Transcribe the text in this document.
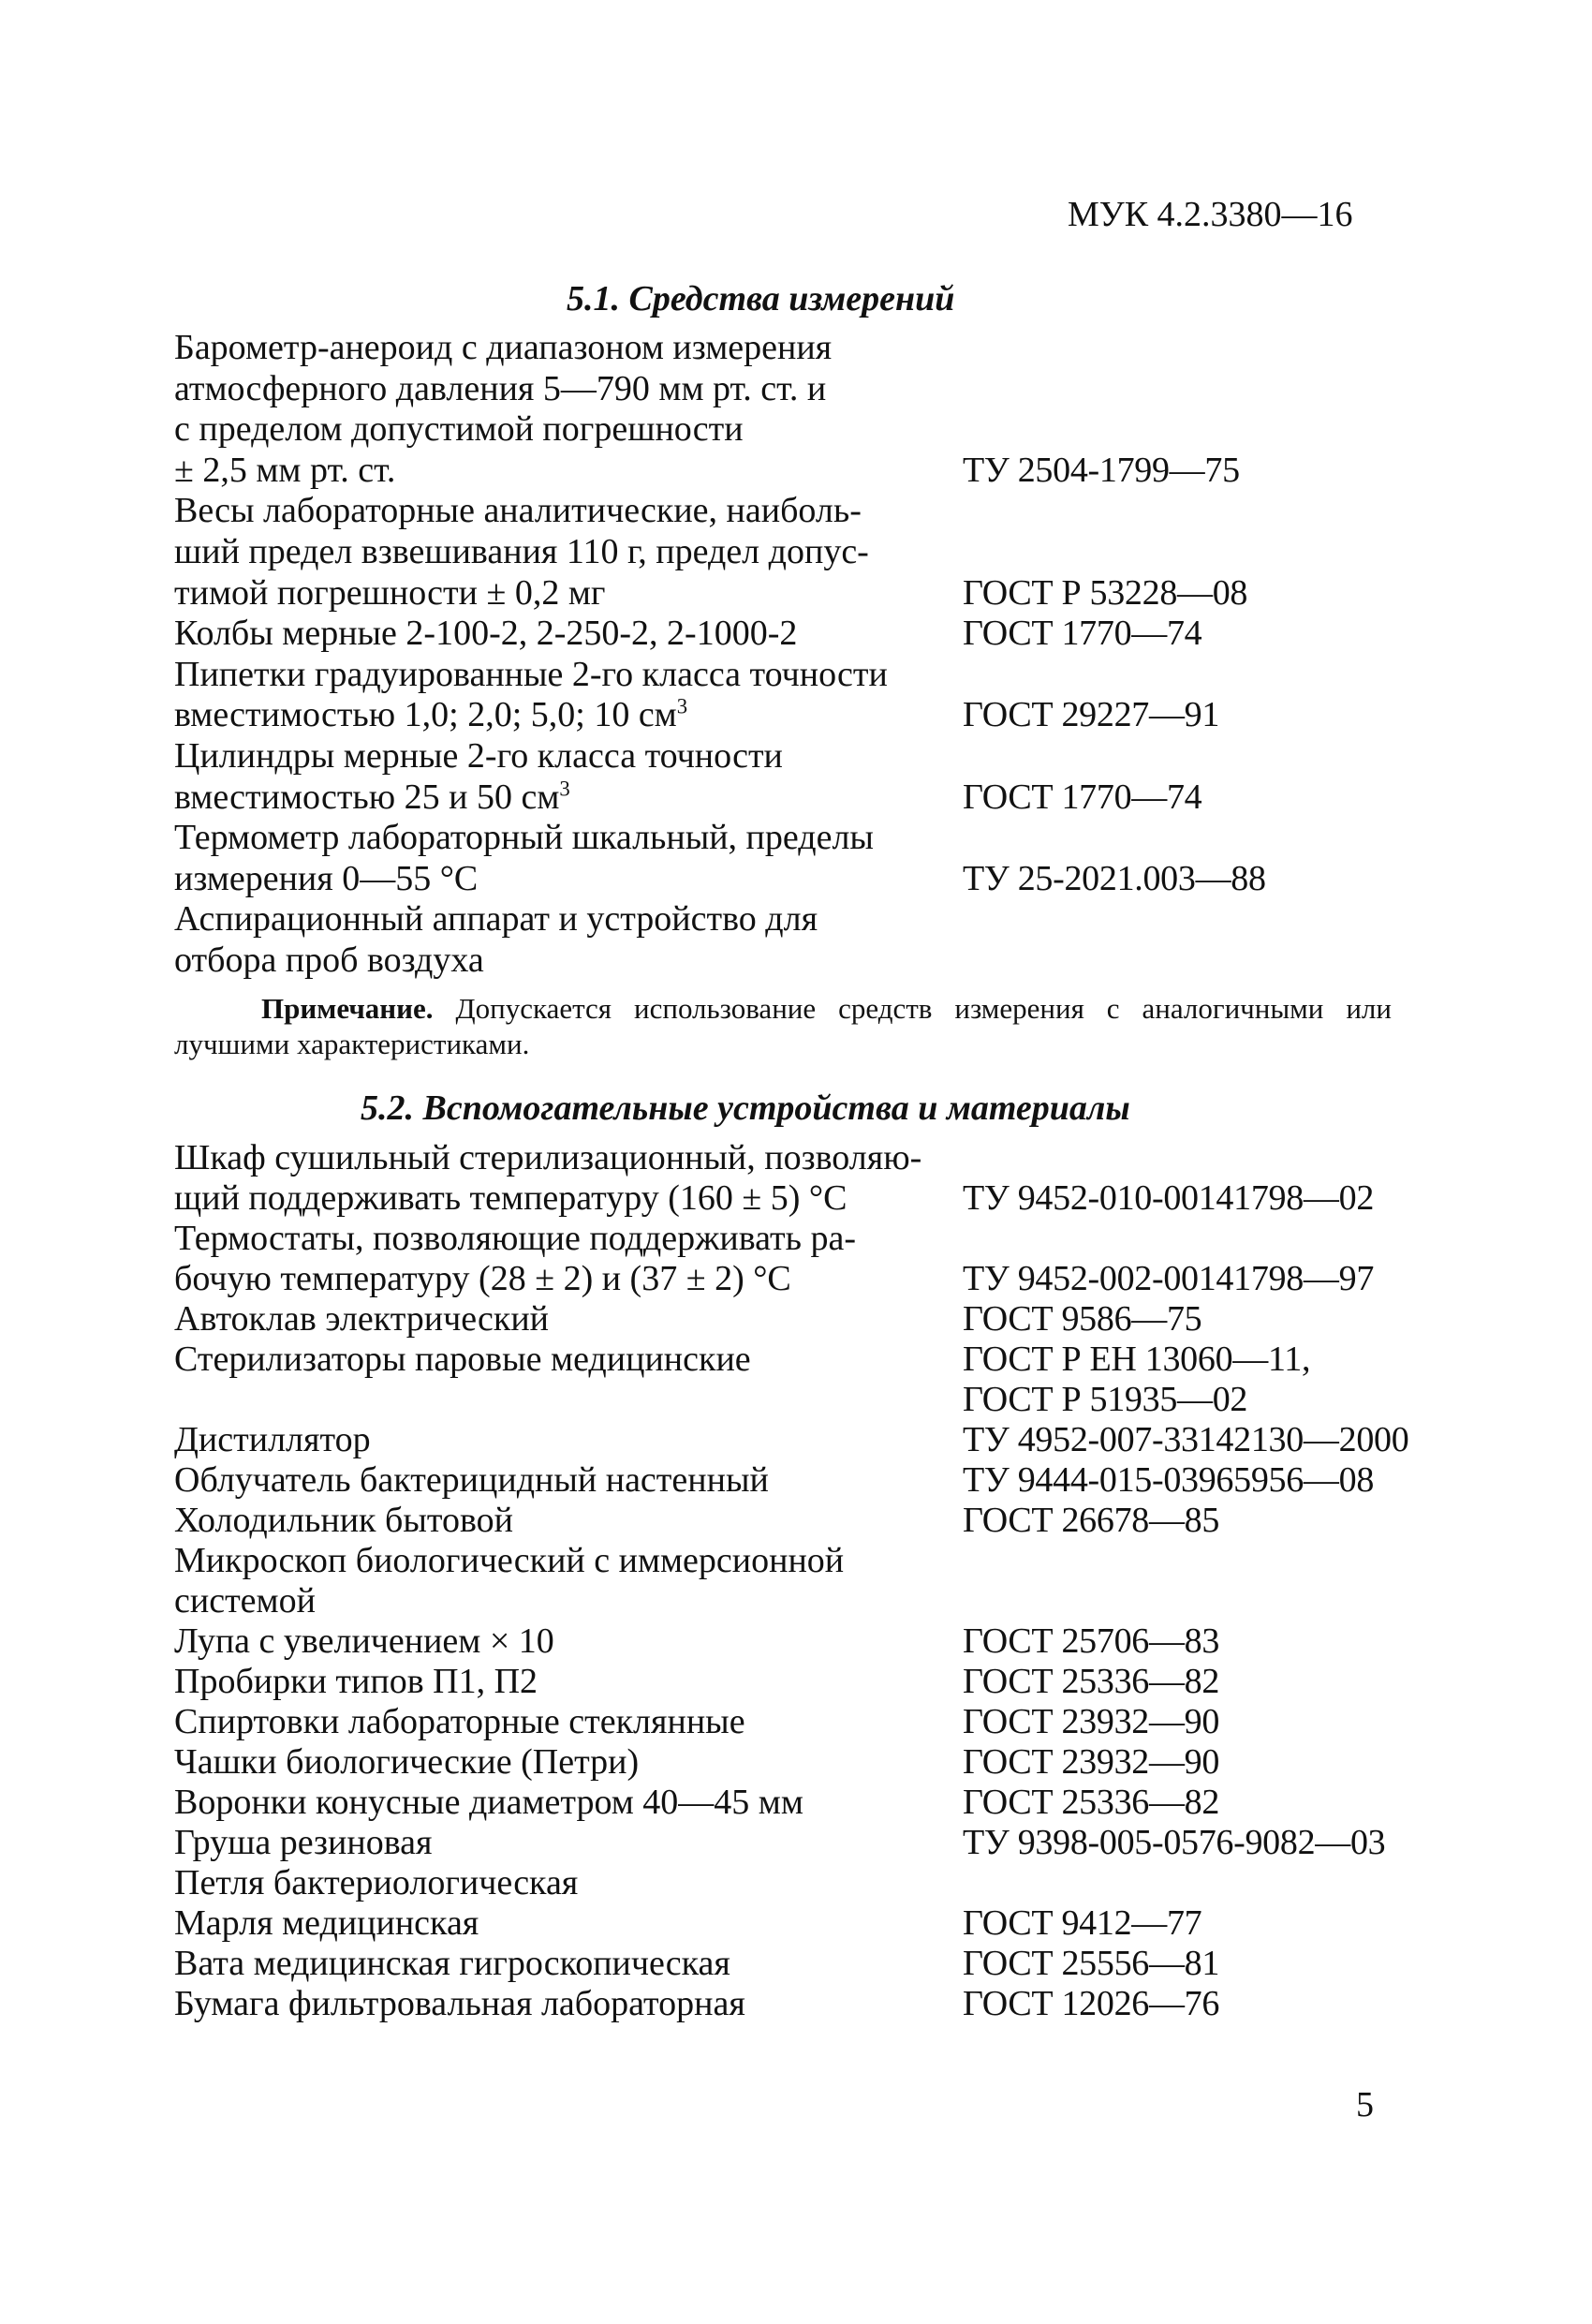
МУК 4.2.3380—16
5.1. Средства измерений
Барометр-анероид с диапазоном измерения
атмосферного давления 5—790 мм рт. ст. и
с пределом допустимой погрешности
± 2,5 мм рт. ст.	ТУ 2504-1799—75
Весы лабораторные аналитические, наиболь-
ший предел взвешивания 110 г, предел допус-
тимой погрешности ± 0,2 мг	ГОСТ Р 53228—08
Колбы мерные 2-100-2, 2-250-2, 2-1000-2	ГОСТ 1770—74
Пипетки градуированные 2-го класса точности
вместимостью 1,0; 2,0; 5,0; 10 $см^3$	ГОСТ 29227—91
Цилиндры мерные 2-го класса точности
вместимостью 25 и 50 $см^3$	ГОСТ 1770—74
Термометр лабораторный шкальный, пределы
измерения 0—55 °С	ТУ 25-2021.003—88
Аспирационный аппарат и устройство для
отбора проб воздуха
Примечание. Допускается использование средств измерения с аналогичными или лучшими характеристиками.
5.2. Вспомогательные устройства и материалы
Шкаф сушильный стерилизационный, позволяю-
щий поддерживать температуру (160 ± 5) °С	ТУ 9452-010-00141798—02
Термостаты, позволяющие поддерживать ра-
бочую температуру (28 ± 2) и (37 ± 2) °С	ТУ 9452-002-00141798—97
Автоклав электрический	ГОСТ 9586—75
Стерилизаторы паровые медицинские	ГОСТ Р ЕН 13060—11,
ГОСТ Р 51935—02
Дистиллятор	ТУ 4952-007-33142130—2000
Облучатель бактерицидный настенный	ТУ 9444-015-03965956—08
Холодильник бытовой	ГОСТ 26678—85
Микроскоп биологический с иммерсионной
системой
Лупа с увеличением × 10	ГОСТ 25706—83
Пробирки типов П1, П2	ГОСТ 25336—82
Спиртовки лабораторные стеклянные	ГОСТ 23932—90
Чашки биологические (Петри)	ГОСТ 23932—90
Воронки конусные диаметром 40—45 мм	ГОСТ 25336—82
Груша резиновая	ТУ 9398-005-0576-9082—03
Петля бактериологическая
Марля медицинская	ГОСТ 9412—77
Вата медицинская гигроскопическая	ГОСТ 25556—81
Бумага фильтровальная лабораторная	ГОСТ 12026—76
5
